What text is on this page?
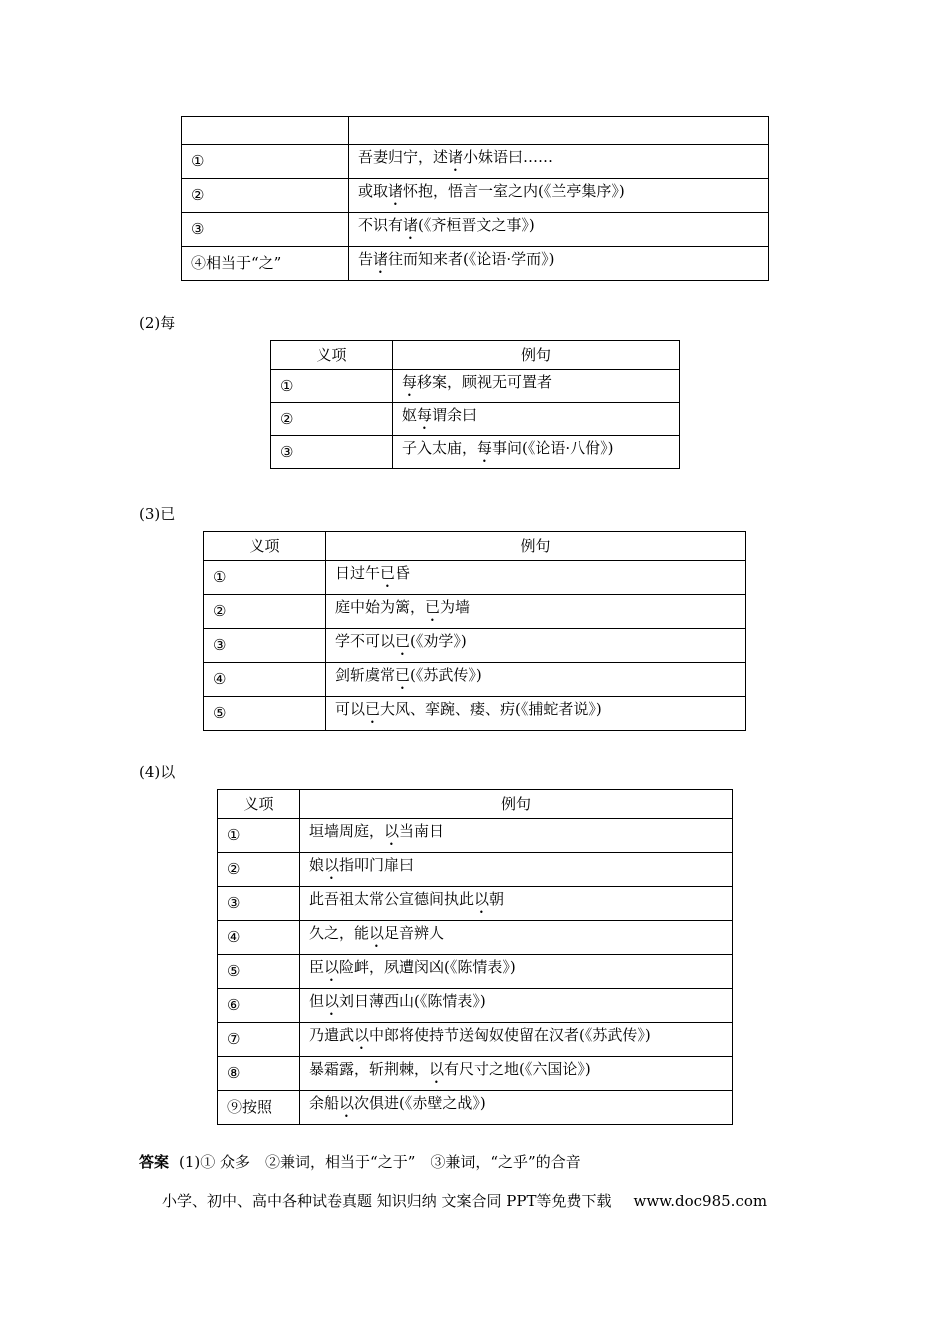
①	吾妻归宁，述诸小妹语曰……
②	或取诸怀抱，悟言一室之内(《兰亭集序》)
③	不识有诸(《齐桓晋文之事》)
④相当于“之”	告诸往而知来者(《论语·学而》)
(2)每
义项	例句
①	每移案，顾视无可置者
②	妪每谓余曰
③	子入太庙，每事问(《论语·八佾》)
(3)已
义项	例句
①	日过午已昏
②	庭中始为篱，已为墙
③	学不可以已(《劝学》)
④	剑斩虞常已(《苏武传》)
⑤	可以已大风、挛踠、瘘、疠(《捕蛇者说》)
(4)以
义项	例句
①	垣墙周庭，以当南日
②	娘以指叩门扉曰
③	此吾祖太常公宣德间执此以朝
④	久之，能以足音辨人
⑤	臣以险衅，夙遭闵凶(《陈情表》)
⑥	但以刘日薄西山(《陈情表》)
⑦	乃遣武以中郎将使持节送匈奴使留在汉者(《苏武传》)
⑧	暴霜露，斩荆棘，以有尺寸之地(《六国论》)
⑨按照	余船以次俱进(《赤壁之战》)
答案 (1)① 众多　②兼词，相当于“之于”　③兼词，“之乎”的合音
小学、初中、高中各种试卷真题 知识归纳 文案合同 PPT等免费下载 www.doc985.com
